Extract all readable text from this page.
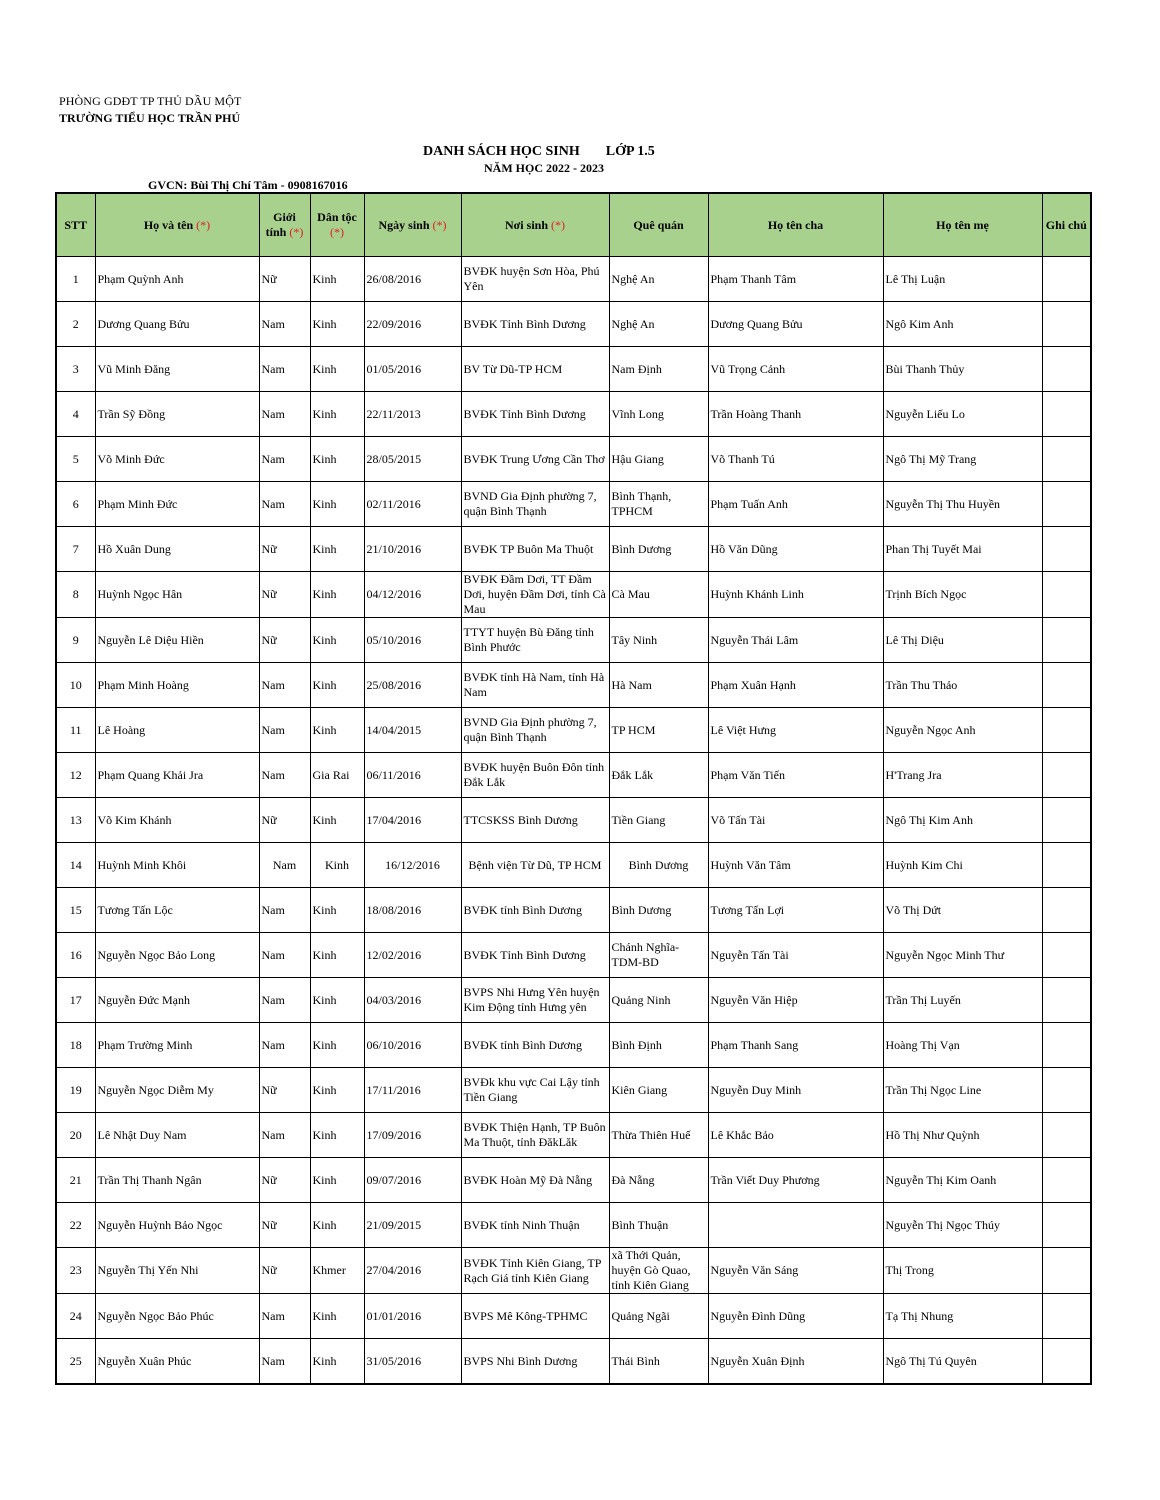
PHÒNG GDĐT TP THỦ DẦU MỘT
TRƯỜNG TIỂU HỌC TRẦN PHÚ
DANH SÁCH HỌC SINH LỚP 1.5
NĂM HỌC 2022 - 2023
GVCN: Bùi Thị Chí Tâm - 0908167016
STT	Họ và tên (*)	Giới tính (*)	Dân tộc (*)	Ngày sinh (*)	Nơi sinh (*)	Quê quán	Họ tên cha	Họ tên mẹ	Ghi chú
1	Phạm Quỳnh Anh	Nữ	Kinh	26/08/2016	BVĐK huyện Sơn Hòa, Phú Yên	Nghệ An	Phạm Thanh Tâm	Lê Thị Luận	
2	Dương Quang Bửu	Nam	Kinh	22/09/2016	BVĐK Tỉnh Bình Dương	Nghệ An	Dương Quang Bửu	Ngô Kim Anh	
3	Vũ Minh Đăng	Nam	Kinh	01/05/2016	BV Từ Dũ-TP HCM	Nam Định	Vũ Trọng Cảnh	Bùi Thanh Thủy	
4	Trần Sỹ Đồng	Nam	Kinh	22/11/2013	BVĐK Tỉnh Bình Dương	Vĩnh Long	Trần Hoàng Thanh	Nguyễn Liếu Lo	
5	Võ Minh Đức	Nam	Kinh	28/05/2015	BVĐK Trung Ương Cần Thơ	Hậu Giang	Võ Thanh Tú	Ngô Thị Mỹ Trang	
6	Phạm Minh Đức	Nam	Kinh	02/11/2016	BVND Gia Định phường 7, quận Bình Thạnh	Bình Thạnh, TPHCM	Phạm Tuấn Anh	Nguyễn Thị Thu Huyền	
7	Hồ Xuân Dung	Nữ	Kinh	21/10/2016	BVĐK TP Buôn Ma Thuột	Bình Dương	Hồ Văn Dũng	Phan Thị Tuyết Mai	
8	Huỳnh Ngọc Hân	Nữ	Kinh	04/12/2016	BVĐK Đầm Dơi, TT Đầm Dơi, huyện Đầm Dơi, tỉnh Cà Mau	Cà Mau	Huỳnh Khánh Linh	Trịnh Bích Ngọc	
9	Nguyễn Lê Diệu Hiền	Nữ	Kinh	05/10/2016	TTYT huyện Bù Đăng tỉnh Bình Phước	Tây Ninh	Nguyễn Thái Lâm	Lê Thị Diệu	
10	Phạm Minh Hoàng	Nam	Kinh	25/08/2016	BVĐK tỉnh Hà Nam, tỉnh Hà Nam	Hà Nam	Phạm Xuân Hạnh	Trần Thu Thảo	
11	Lê Hoàng	Nam	Kinh	14/04/2015	BVND Gia Định phường 7, quận Bình Thạnh	TP HCM	Lê Việt Hưng	Nguyễn Ngọc Anh	
12	Phạm Quang Khải Jra	Nam	Gia Rai	06/11/2016	BVĐK huyện Buôn Đôn tỉnh Đắk Lắk	Đắk Lắk	Phạm Văn Tiến	H'Trang Jra	
13	Võ Kim Khánh	Nữ	Kinh	17/04/2016	TTCSKSS Bình Dương	Tiền Giang	Võ Tấn Tài	Ngô Thị Kim Anh	
14	Huỳnh Minh Khôi	Nam	Kinh	16/12/2016	Bệnh viện Từ Dũ, TP HCM	Bình Dương	Huỳnh Văn Tâm	Huỳnh Kim Chi	
15	Tương Tấn Lộc	Nam	Kinh	18/08/2016	BVĐK tỉnh Bình Dương	Bình Dương	Tương Tấn Lợi	Võ Thị Dứt	
16	Nguyễn Ngọc Bảo Long	Nam	Kinh	12/02/2016	BVĐK Tỉnh Bình Dương	Chánh Nghĩa-TDM-BD	Nguyễn Tấn Tài	Nguyễn Ngọc Minh Thư	
17	Nguyễn Đức Mạnh	Nam	Kinh	04/03/2016	BVPS Nhi Hưng Yên huyện Kim Động tỉnh Hưng yên	Quảng Ninh	Nguyễn Văn Hiệp	Trần Thị Luyến	
18	Phạm Trường Minh	Nam	Kinh	06/10/2016	BVĐK tỉnh Bình Dương	Bình Định	Phạm Thanh Sang	Hoàng Thị Vạn	
19	Nguyễn Ngọc Diễm My	Nữ	Kinh	17/11/2016	BVĐk khu vực Cai Lậy tỉnh Tiền Giang	Kiên Giang	Nguyễn Duy Minh	Trần Thị Ngọc Line	
20	Lê Nhật Duy Nam	Nam	Kinh	17/09/2016	BVĐK Thiện Hạnh, TP Buôn Ma Thuột, tỉnh ĐăkLăk	Thừa Thiên Huế	Lê Khắc Bảo	Hồ Thị Như Quỳnh	
21	Trần Thị Thanh Ngân	Nữ	Kinh	09/07/2016	BVĐK Hoàn Mỹ Đà Nẵng	Đà Nẵng	Trần Viết Duy Phương	Nguyễn Thị Kim Oanh	
22	Nguyễn Huỳnh Bảo Ngọc	Nữ	Kinh	21/09/2015	BVĐK tỉnh Ninh Thuận	Bình Thuận		Nguyễn Thị Ngọc Thúy	
23	Nguyễn Thị Yến Nhi	Nữ	Khmer	27/04/2016	BVĐK Tỉnh Kiên Giang, TP Rạch Giá tỉnh Kiên Giang	xã Thới Quản, huyện Gò Quao, tỉnh Kiên Giang	Nguyễn Văn Sáng	Thị Trong	
24	Nguyễn Ngọc Bảo Phúc	Nam	Kinh	01/01/2016	BVPS Mê Kông-TPHMC	Quảng Ngãi	Nguyễn Đình Dũng	Tạ Thị Nhung	
25	Nguyễn Xuân Phúc	Nam	Kinh	31/05/2016	BVPS Nhi Bình Dương	Thái Bình	Nguyễn Xuân Định	Ngô Thị Tú Quyên	
